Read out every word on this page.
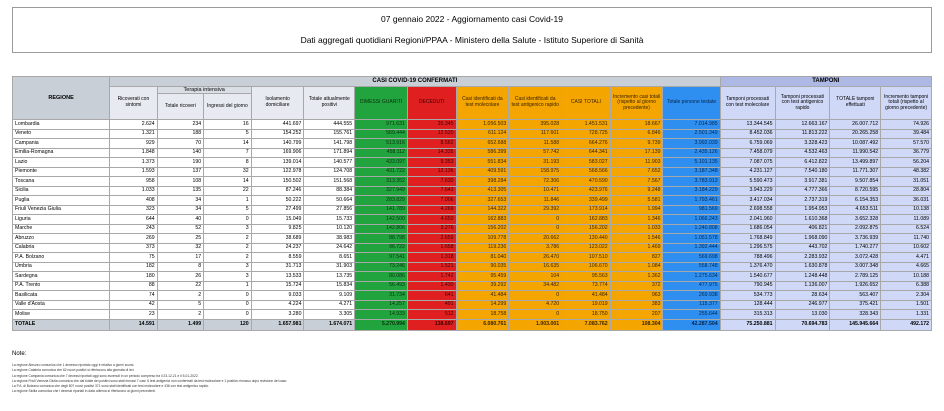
07 gennaio 2022 - Aggiornamento casi Covid-19
Dati aggregati quotidiani Regioni/PPAA - Ministero della Salute - Istituto Superiore di Sanità
REGIONE	CASI COVID-19 CONFERMATI												TAMPONI			
	Ricoverati con sintomi	Terapia intensiva		Isolamento domiciliare	Totale attualmente positivi	DIMESSI GUARITI	DECEDUTI	Casi identificati da test molecolare	Casi identificati da test antigenico rapido	CASI TOTALI	Incremento casi totali (rispetto al giorno precedente)	Totale persone testate	Tamponi processati con test molecolare	Tamponi processati con test antigenico rapido	TOTALE tamponi effettuati	Incremento tamponi totali (rispetto al giorno precedente)
		Totale ricoveri	Ingressi del giorno													
Lombardia	2.624	234	16	441.697	444.555	971.631	35.345	1.056.503	395.028	1.451.531	18.667	7.014.985	13.344.545	12.663.167	26.007.712	74.926
Veneto	1.321	188	5	154.252	155.761	569.444	12.520	611.124	117.601	728.725	6.846	2.501.349	8.452.036	11.813.222	20.265.258	39.484
Campania	929	70	14	140.799	141.798	513.916	8.562	652.688	11.588	664.276	9.739	3.992.039	6.759.069	3.328.423	10.087.492	57.570
Emilia-Romagna	1.848	140	7	169.906	171.894	458.112	14.335	586.399	57.742	644.341	17.139	2.435.126	7.458.079	4.532.463	11.990.542	36.779
Lazio	1.373	190	8	139.014	140.577	433.097	9.353	551.834	31.193	583.027	11.903	5.101.135	7.087.075	6.412.822	13.499.897	56.204
Piemonte	1.593	137	32	122.978	124.708	431.722	12.136	409.591	158.975	568.566	7.652	3.187.348	4.231.127	7.540.180	11.771.307	48.382
Toscana	958	108	14	150.502	151.568	313.352	7.630	398.284	72.306	470.590	7.567	3.783.913	5.590.473	3.917.381	9.507.854	31.051
Sicilia	1.033	135	22	87.246	88.384	327.949	7.643	413.305	10.471	423.976	9.248	3.184.229	3.943.229	4.777.366	8.720.595	28.804
Puglia	408	34	1	50.222	50.664	283.829	7.006	327.653	11.846	339.499	5.581	1.793.461	3.417.034	2.737.319	6.154.353	36.031
Friuli Venezia Giulia	323	34	5	27.499	27.856	141.789	4.269	144.322	29.392	173.914	1.994	981.569	2.698.558	1.954.953	4.653.511	10.138
Liguria	644	40	0	15.049	15.733	142.500	4.650	162.883	0	162.883	1.346	1.066.243	2.041.960	1.610.368	3.652.328	11.089
Marche	243	52	3	9.825	10.120	142.806	3.276	156.202	0	156.202	1.033	1.240.808	1.686.054	406.821	2.092.875	6.524
Abruzzo	269	25	2	38.689	38.983	88.798	2.659	109.778	20.662	130.440	1.546	1.051.578	1.768.849	1.968.090	3.736.939	11.740
Calabria	373	32	2	24.237	24.642	96.722	1.658	119.236	3.786	123.022	1.469	1.392.444	1.296.575	443.702	1.740.277	10.602
P.A. Bolzano	75	17	2	8.559	8.651	97.541	1.318	81.040	26.470	107.510	827	569.698	788.496	2.283.932	3.072.428	4.471
Umbria	182	8	3	31.713	31.903	73.246	1.521	90.035	16.635	106.670	1.084	558.748	1.376.470	1.630.878	3.007.348	4.665
Sardegna	180	26	3	13.533	13.735	80.086	1.742	95.459	104	95.563	1.362	1.275.634	1.540.677	1.248.448	2.789.125	10.188
P.A. Trento	88	22	1	15.724	15.834	56.493	1.430	39.292	34.482	73.774	372	477.975	790.945	1.136.007	1.926.652	6.388
Basilicata	74	2	0	9.033	9.109	31.734	641	41.484	0	41.484	963	269.938	534.773	28.634	563.407	2.304
Valle d'Aosta	42	5	0	4.224	4.271	14.257	491	14.299	4.720	19.019	383	115.377	128.444	246.977	375.421	1.501
Molise	23	2	0	3.280	3.305	14.933	512	18.758	0	18.750	207	255.644	315.313	13.030	328.343	1.331
TOTALE	14.591	1.499	120	1.657.981	1.674.071	5.270.994	138.697	6.080.761	1.003.001	7.083.762	108.304	42.287.504	75.250.881	70.694.783	145.945.664	492.172
Note:
La regione Abruzzo comunica che 1 decesso riportato oggi è relativo a giorni scorsi.
La regione Calabria comunica che 62 nuovi positivi si riferiscono alla giornata di ieri.
La regione Campania comunica che 7 decessi riportati oggi sono avvenuti in un periodo compreso tra il 23-12-21 e il 5-01-2022.
La regione Friuli Venezia Giulia comunica che dal totale dei positivi sono stati rimossi 7 casi: 6 test antigenici non confermati da test molecolare e 1 positivo rimosso dopo revisione del caso.
La P.A. di Bolzano comunica che degli 807 nuovi positivi 371 sono stati identificati con test molecolare e 436 con test antigenico rapido.
La regione Sicilia comunica che i decessi riportati in data odierna si riferiscono ai giorni precedenti.
